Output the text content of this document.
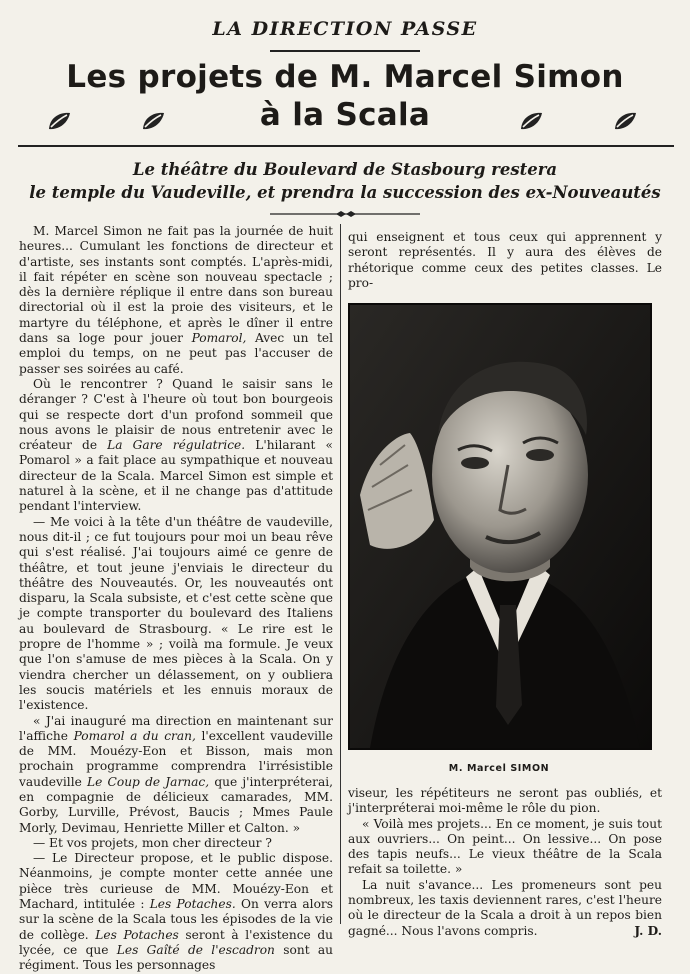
LA DIRECTION PASSE
Les projets de M. Marcel Simon
à la Scala
Le théâtre du Boulevard de Stasbourg restera
le temple du Vaudeville, et prendra la succession des ex-Nouveautés

M. Marcel Simon ne fait pas la journée de huit heures... Cumulant les fonctions de directeur et d'artiste, ses instants sont comptés. L'après-midi, il fait répéter en scène son nouveau spectacle ; dès la dernière réplique il entre dans son bureau directorial où il est la proie des visiteurs, et le martyre du téléphone, et après le dîner il entre dans sa loge pour jouer Pomarol, Avec un tel emploi du temps, on ne peut pas l'accuser de passer ses soirées au café.

Où le rencontrer ? Quand le saisir sans le déranger ? C'est à l'heure où tout bon bourgeois qui se respecte dort d'un profond sommeil que nous avons le plaisir de nous entretenir avec le créateur de La Gare régulatrice. L'hilarant « Pomarol » a fait place au sympathique et nouveau directeur de la Scala. Marcel Simon est simple et naturel à la scène, et il ne change pas d'attitude pendant l'interview.

— Me voici à la tête d'un théâtre de vaudeville, nous dit-il ; ce fut toujours pour moi un beau rêve qui s'est réalisé. J'ai toujours aimé ce genre de théâtre, et tout jeune j'enviais le directeur du théâtre des Nouveautés. Or, les nouveautés ont disparu, la Scala subsiste, et c'est cette scène que je compte transporter du boulevard des Italiens au boulevard de Strasbourg. « Le rire est le propre de l'homme » ; voilà ma formule. Je veux que l'on s'amuse de mes pièces à la Scala. On y viendra chercher un délassement, on y oubliera les soucis matériels et les ennuis moraux de l'existence.

« J'ai inauguré ma direction en maintenant sur l'affiche Pomarol a du cran, l'excellent vaudeville de MM. Mouézy-Eon et Bisson, mais mon prochain programme comprendra l'irrésistible vaudeville Le Coup de Jarnac, que j'interpréterai, en compagnie de délicieux camarades, MM. Gorby, Lurville, Prévost, Baucis ; Mmes Paule Morly, Devimau, Henriette Miller et Calton. »

— Et vos projets, mon cher directeur ?

— Le Directeur propose, et le public dispose. Néanmoins, je compte monter cette année une pièce très curieuse de MM. Mouézy-Eon et Machard, intitulée : Les Potaches. On verra alors sur la scène de la Scala tous les épisodes de la vie de collège. Les Potaches seront à l'existence du lycée, ce que Les Gaîté de l'escadron sont au régiment. Tous les personnages

qui enseignent et tous ceux qui apprennent y seront représentés. Il y aura des élèves de rhétorique comme ceux des petites classes. Le pro-

M. Marcel SIMON

viseur, les répétiteurs ne seront pas oubliés, et j'interpréterai moi-même le rôle du pion.

« Voilà mes projets... En ce moment, je suis tout aux ouvriers... On peint... On lessive... On pose des tapis neufs... Le vieux théâtre de la Scala refait sa toilette. »

La nuit s'avance... Les promeneurs sont peu nombreux, les taxis deviennent rares, c'est l'heure où le directeur de la Scala a droit à un repos bien gagné... Nous l'avons compris.	J. D.
